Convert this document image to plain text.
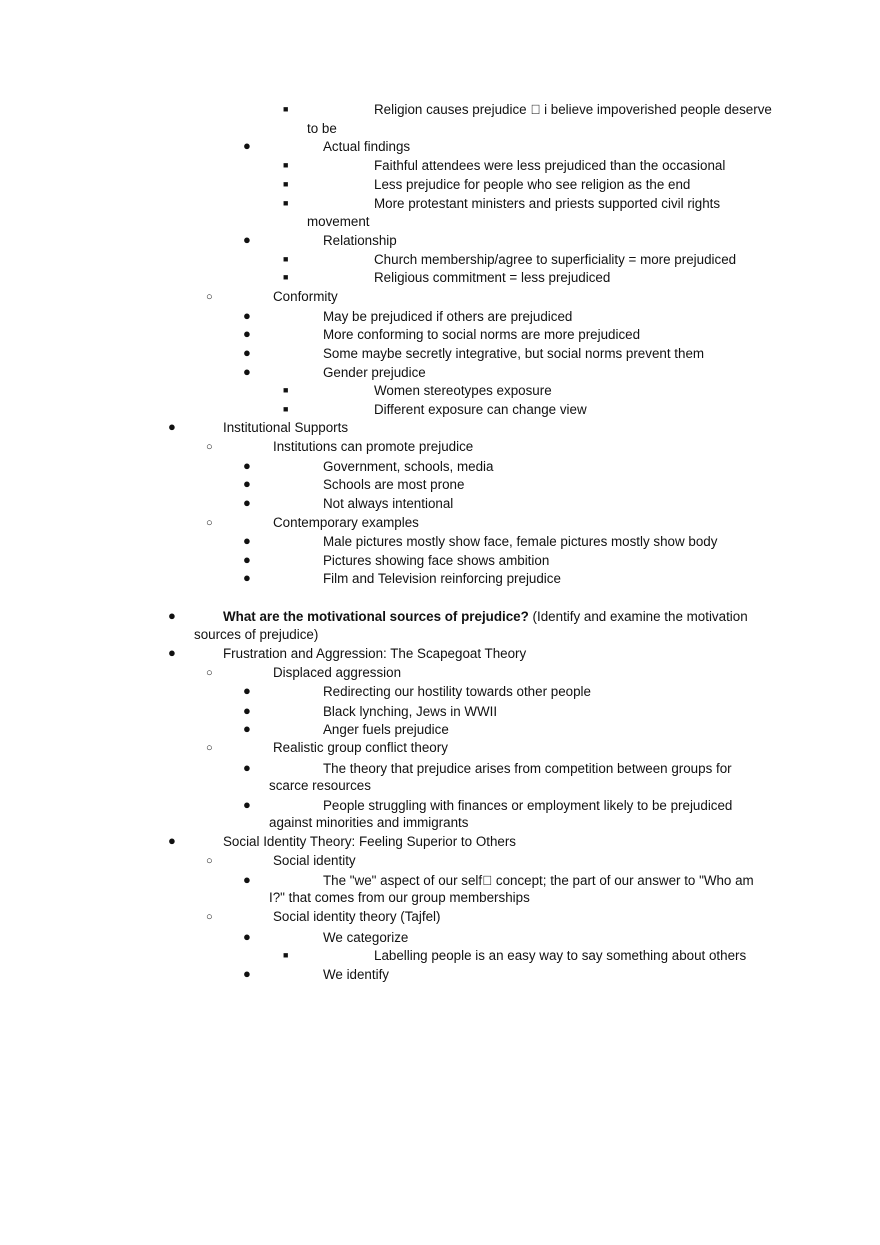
■	Religion causes prejudice   i believe impoverished people deserve
to be
●	Actual findings
■	Faithful attendees were less prejudiced than the occasional
■	Less prejudice for people who see religion as the end
■	More protestant ministers and priests supported civil rights
movement
●	Relationship
■	Church membership/agree to superficiality = more prejudiced
■	Religious commitment = less prejudiced
○	Conformity
●	May be prejudiced if others are prejudiced
●	More conforming to social norms are more prejudiced
●	Some maybe secretly integrative, but social norms prevent them
●	Gender prejudice
■	Women stereotypes exposure
■	Different exposure can change view
●	Institutional Supports
○	Institutions can promote prejudice
●	Government, schools, media
●	Schools are most prone
●	Not always intentional
○	Contemporary examples
●	Male pictures mostly show face, female pictures mostly show body
●	Pictures showing face shows ambition
●	Film and Television reinforcing prejudice
●	What are the motivational sources of prejudice? (Identify and examine the motivation
sources of prejudice)
●	Frustration and Aggression: The Scapegoat Theory
○	Displaced aggression
●	Redirecting our hostility towards other people
●	Black lynching, Jews in WWII
●	Anger fuels prejudice
○	Realistic group conflict theory
●	The theory that prejudice arises from competition between groups for
scarce resources
●	People struggling with finances or employment likely to be prejudiced
against minorities and immigrants
●	Social Identity Theory: Feeling Superior to Others
○	Social identity
●	The "we" aspect of our self  concept; the part of our answer to "Who am
I?" that comes from our group memberships
○	Social identity theory (Tajfel)
●	We categorize
■	Labelling people is an easy way to say something about others
●	We identify
